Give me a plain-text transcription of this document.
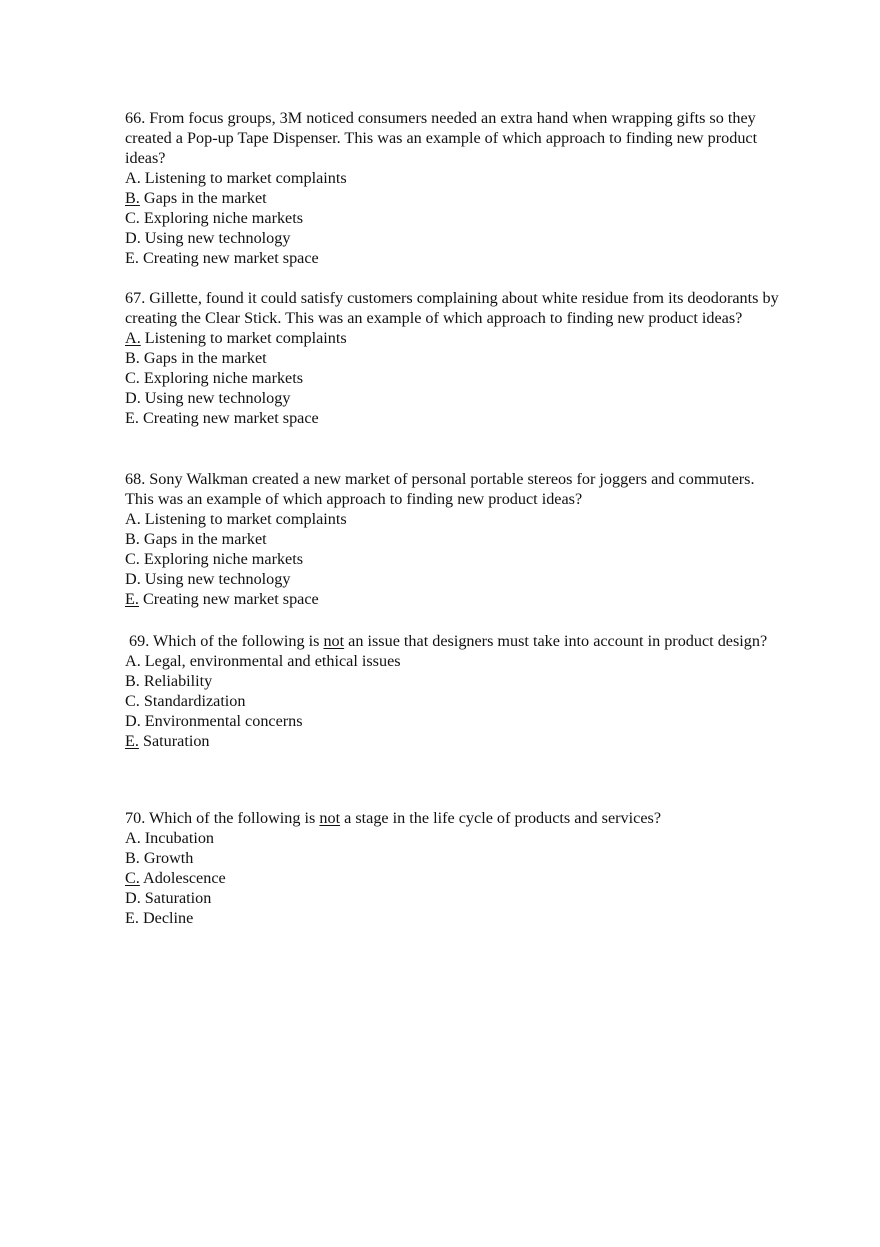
66. From focus groups, 3M noticed consumers needed an extra hand when wrapping gifts so they created a Pop-up Tape Dispenser. This was an example of which approach to finding new product ideas?

A. Listening to market complaints

B. Gaps in the market

C. Exploring niche markets

D. Using new technology

E. Creating new market space

67. Gillette, found it could satisfy customers complaining about white residue from its deodorants by creating the Clear Stick. This was an example of which approach to finding new product ideas?

A. Listening to market complaints

B. Gaps in the market

C. Exploring niche markets

D. Using new technology

E. Creating new market space

68. Sony Walkman created a new market of personal portable stereos for joggers and commuters. This was an example of which approach to finding new product ideas?

A. Listening to market complaints

B. Gaps in the market

C. Exploring niche markets

D. Using new technology

E. Creating new market space

69. Which of the following is not an issue that designers must take into account in product design?

A. Legal, environmental and ethical issues

B. Reliability

C. Standardization

D. Environmental concerns

E. Saturation

70. Which of the following is not a stage in the life cycle of products and services?

A. Incubation

B. Growth

C. Adolescence

D. Saturation

E. Decline
